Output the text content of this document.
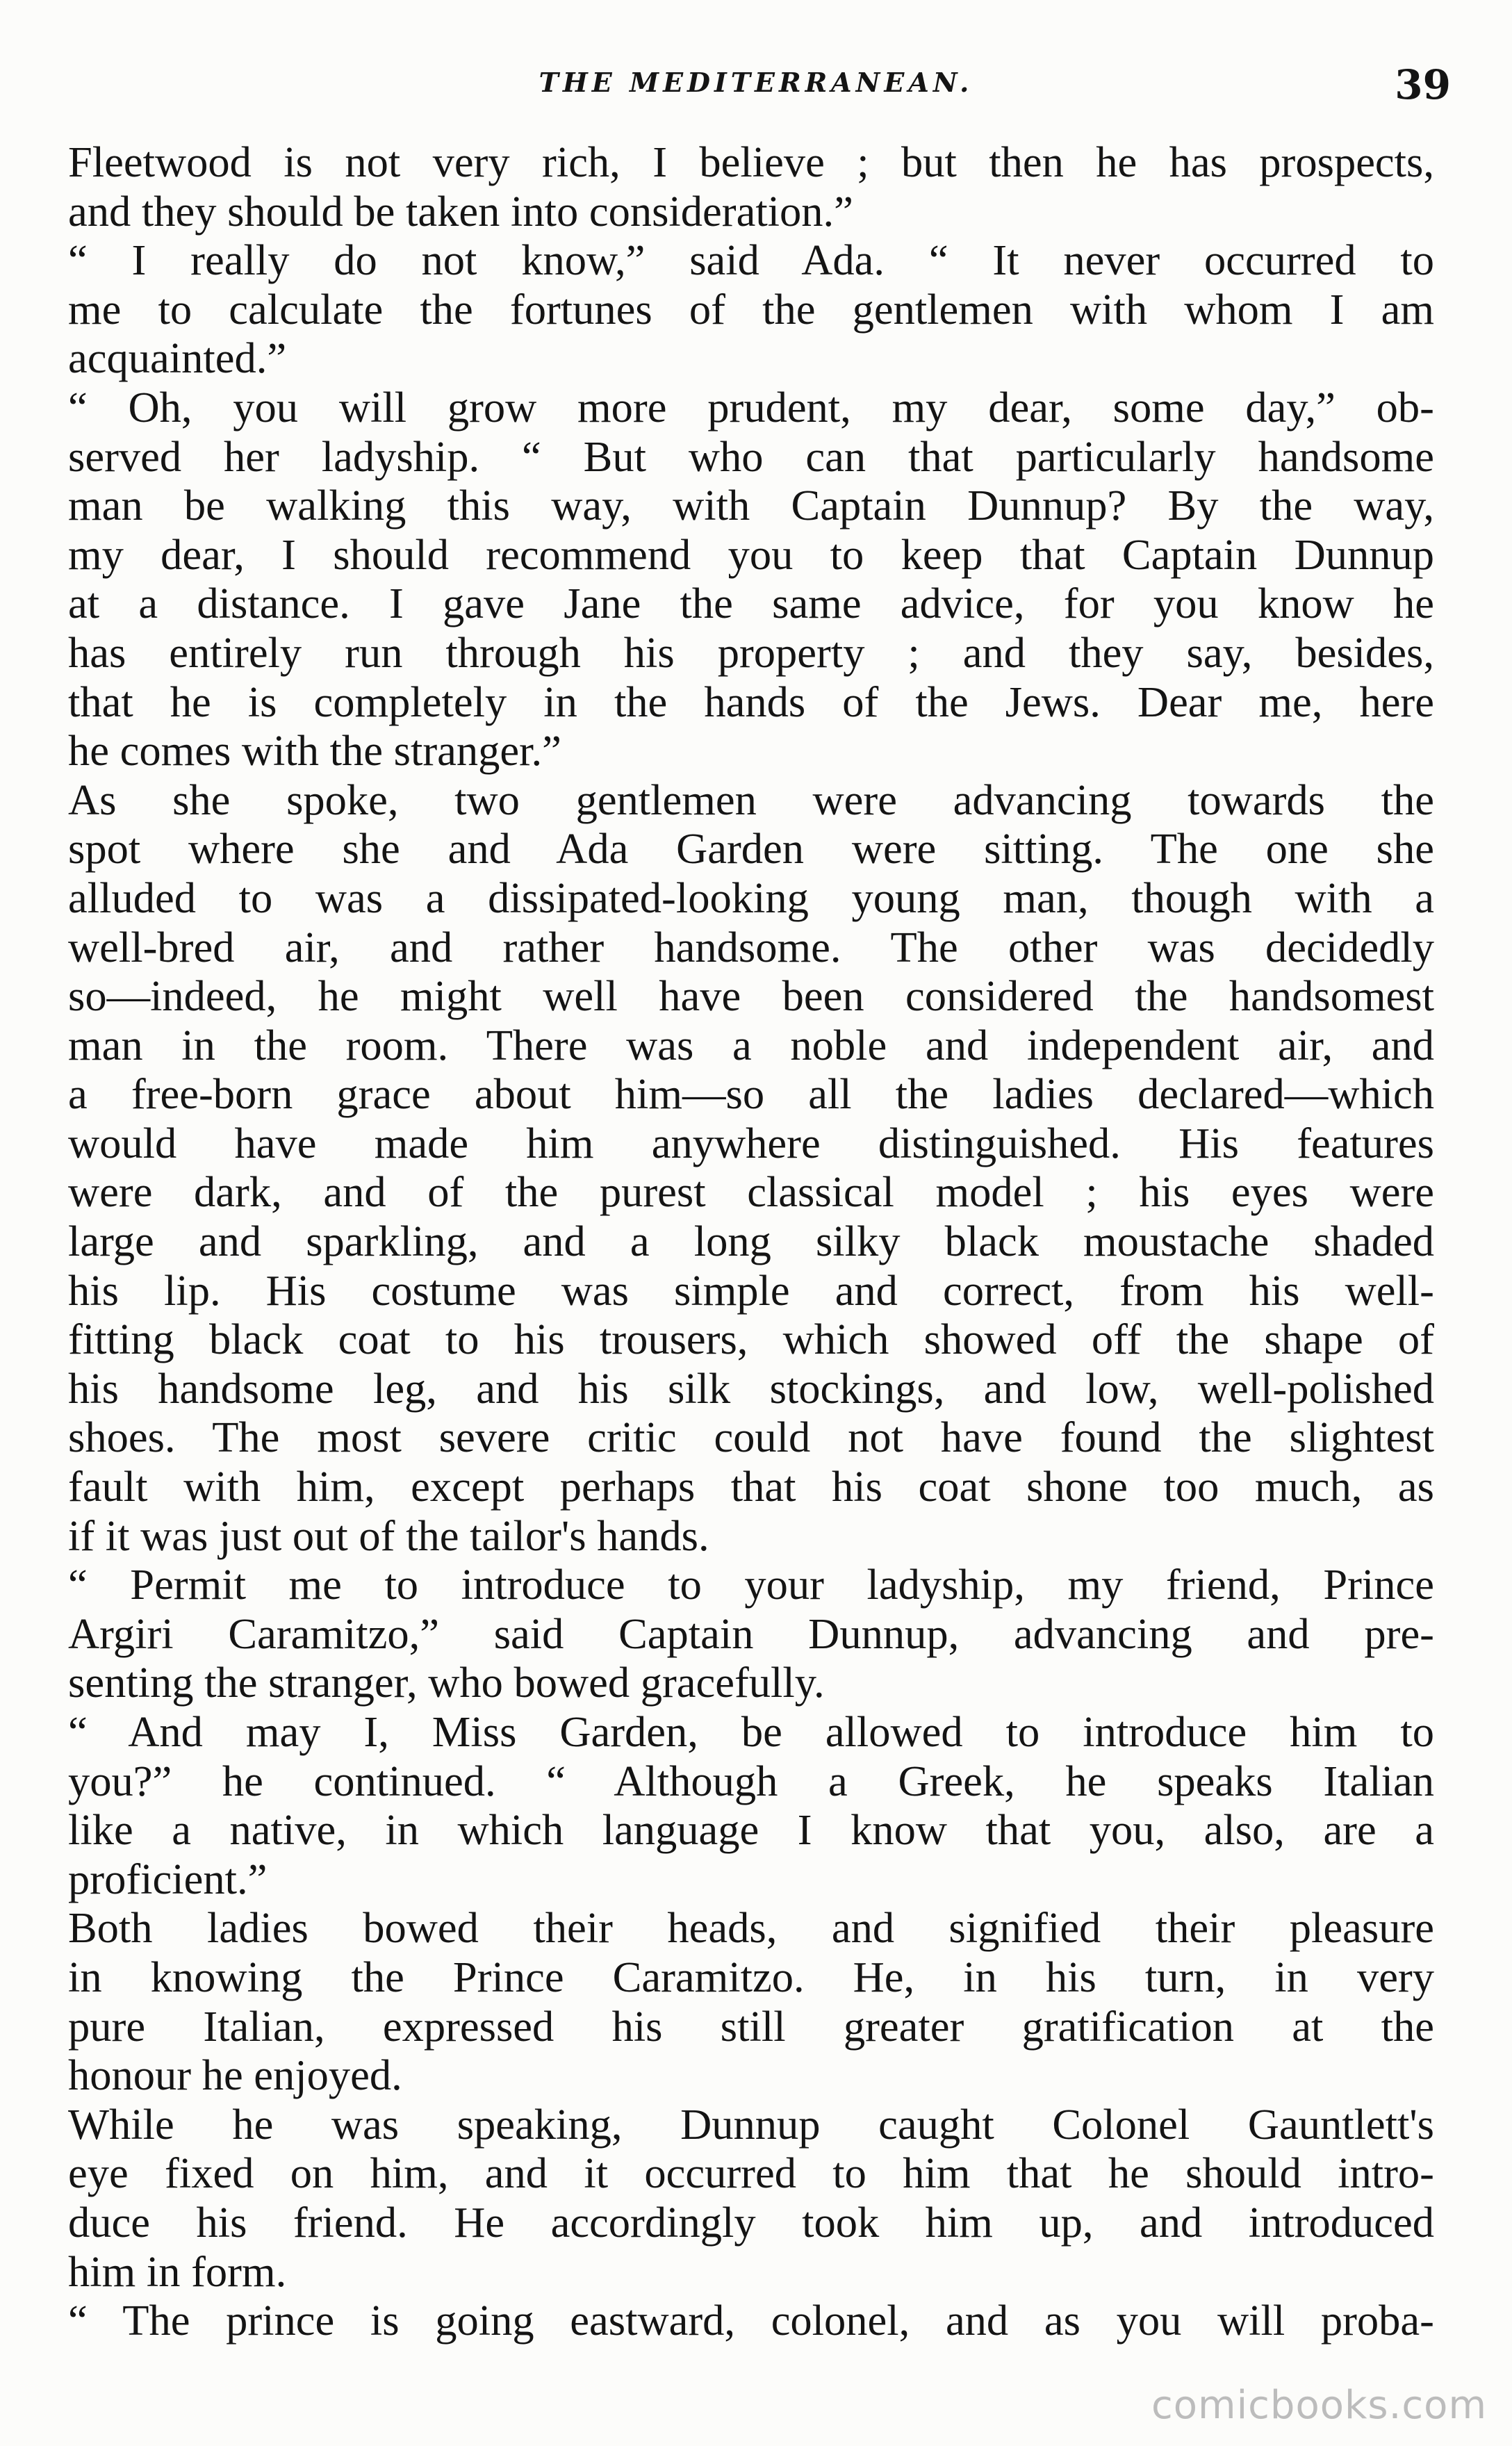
THE MEDITERRANEAN.	39
Fleetwood is not very rich, I believe ; but then he has prospects,
and they should be taken into consideration.”
“ I really do not know,” said Ada. “ It never occurred to
me to calculate the fortunes of the gentlemen with whom I am
acquainted.”
“ Oh, you will grow more prudent, my dear, some day,” ob-
served her ladyship. “ But who can that particularly handsome
man be walking this way, with Captain Dunnup? By the way,
my dear, I should recommend you to keep that Captain Dunnup
at a distance. I gave Jane the same advice, for you know he
has entirely run through his property ; and they say, besides,
that he is completely in the hands of the Jews. Dear me, here
he comes with the stranger.”
As she spoke, two gentlemen were advancing towards the
spot where she and Ada Garden were sitting. The one she
alluded to was a dissipated-looking young man, though with a
well-bred air, and rather handsome. The other was decidedly
so—indeed, he might well have been considered the handsomest
man in the room. There was a noble and independent air, and
a free-born grace about him—so all the ladies declared—which
would have made him anywhere distinguished. His features
were dark, and of the purest classical model ; his eyes were
large and sparkling, and a long silky black moustache shaded
his lip. His costume was simple and correct, from his well-
fitting black coat to his trousers, which showed off the shape of
his handsome leg, and his silk stockings, and low, well-polished
shoes. The most severe critic could not have found the slightest
fault with him, except perhaps that his coat shone too much, as
if it was just out of the tailor's hands.
“ Permit me to introduce to your ladyship, my friend, Prince
Argiri Caramitzo,” said Captain Dunnup, advancing and pre-
senting the stranger, who bowed gracefully.
“ And may I, Miss Garden, be allowed to introduce him to
you?” he continued. “ Although a Greek, he speaks Italian
like a native, in which language I know that you, also, are a
proficient.”
Both ladies bowed their heads, and signified their pleasure
in knowing the Prince Caramitzo. He, in his turn, in very
pure Italian, expressed his still greater gratification at the
honour he enjoyed.
While he was speaking, Dunnup caught Colonel Gauntlett's
eye fixed on him, and it occurred to him that he should intro-
duce his friend. He accordingly took him up, and introduced
him in form.
“ The prince is going eastward, colonel, and as you will proba-
comicbooks.com
